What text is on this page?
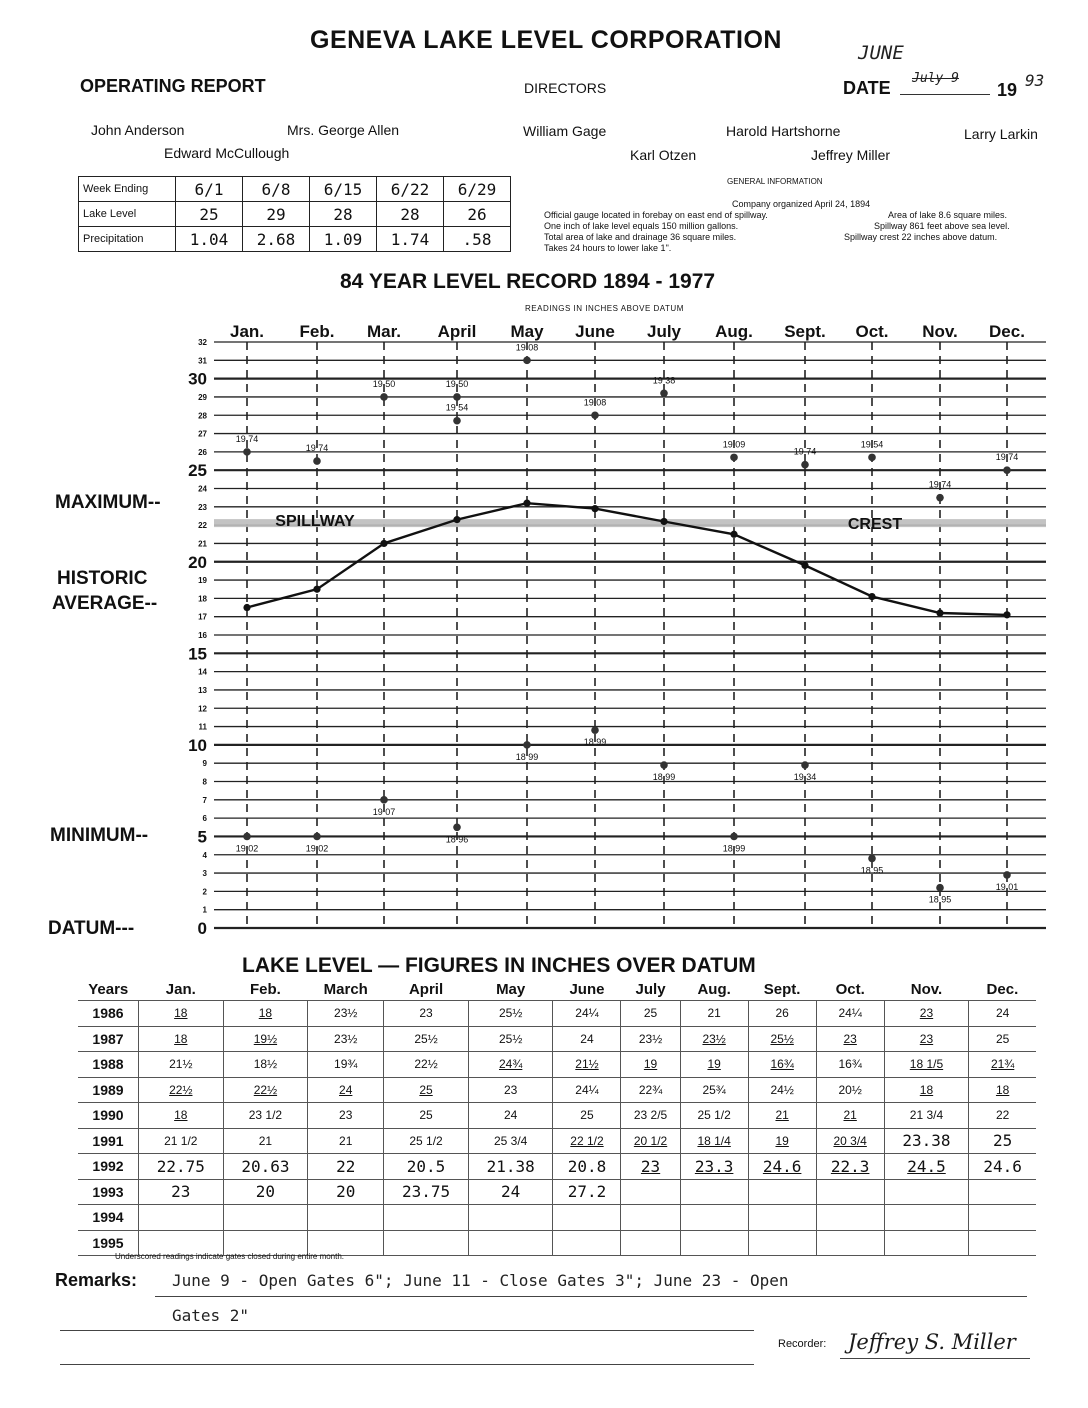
GENEVA LAKE LEVEL CORPORATION
OPERATING REPORT	DIRECTORS	DATE
JUNE
July 9
19 93
John Anderson	Mrs. George Allen	William Gage	Harold Hartshorne	Larry Larkin
Edward McCullough	Karl Otzen	Jeffrey Miller
Week Ending	6/1	6/8	6/15	6/22	6/29
Lake Level	25	29	28	28	26
Precipitation	1.04	2.68	1.09	1.74	.58
GENERAL INFORMATION
Company organized April 24, 1894
Official gauge located in forebay on east end of spillway.
One inch of lake level equals 150 million gallons.
Total area of lake and drainage 36 square miles.
Takes 24 hours to lower lake 1".
Area of lake 8.6 square miles.
Spillway 861 feet above sea level.
Spillway crest 22 inches above datum.
84 YEAR LEVEL RECORD 1894 - 1977
READINGS IN INCHES ABOVE DATUM
MAXIMUM--
HISTORIC
AVERAGE--
MINIMUM--
DATUM---
Jan. Feb. Mar. April May June July Aug. Sept. Oct. Nov. Dec.
0
1
2
3
4
5
6
7
8
9
10
11
12
13
14
15
16
17
18
19
20
21
22
23
24
25
26
27
28
29
30
31
32
SPILLWAY	CREST
19 74
19 74
19 50
19 54
19 50
19 08
19 08
19 38
19 09
19 74
19 54
19 74
19 74
19 02	19 02
19 07
18 96
18 99
18 99
18 99
18 99
19 34
18 95
18 95
19 01
LAKE LEVEL — FIGURES IN INCHES OVER DATUM
Years	Jan.	Feb.	March	April	May	June	July	Aug.	Sept.	Oct.	Nov.	Dec.
1986	18	18	23½	23	25½	24¼	25	21	26	24¼	23	24
1987	18	19½	23½	25½	25½	24	23½	23½	25½	23	23	25
1988	21½	18½	19¾	22½	24¾	21½	19	19	16¾	16¾	18 1/5	21¾
1989	22½	22½	24	25	23	24¼	22¾	25¾	24½	20½	18	18
1990	18	23 1/2	23	25	24	25	23 2/5	25 1/2	21	21	21 3/4	22
1991	21 1/2	21	21	25 1/2	25 3/4	22 1/2	20 1/2	18 1/4	19	20 3/4	23.38	25
1992	22.75	20.63	22	20.5	21.38	20.8	23	23.3	24.6	22.3	24.5	24.6
1993	23	20	20	23.75	24	27.2						
1994												
1995												
Underscored readings indicate gates closed during entire month.
Remarks: June 9 - Open Gates 6"; June 11 - Close Gates 3"; June 23 - Open
Gates 2"
Recorder: Jeffrey S. Miller
